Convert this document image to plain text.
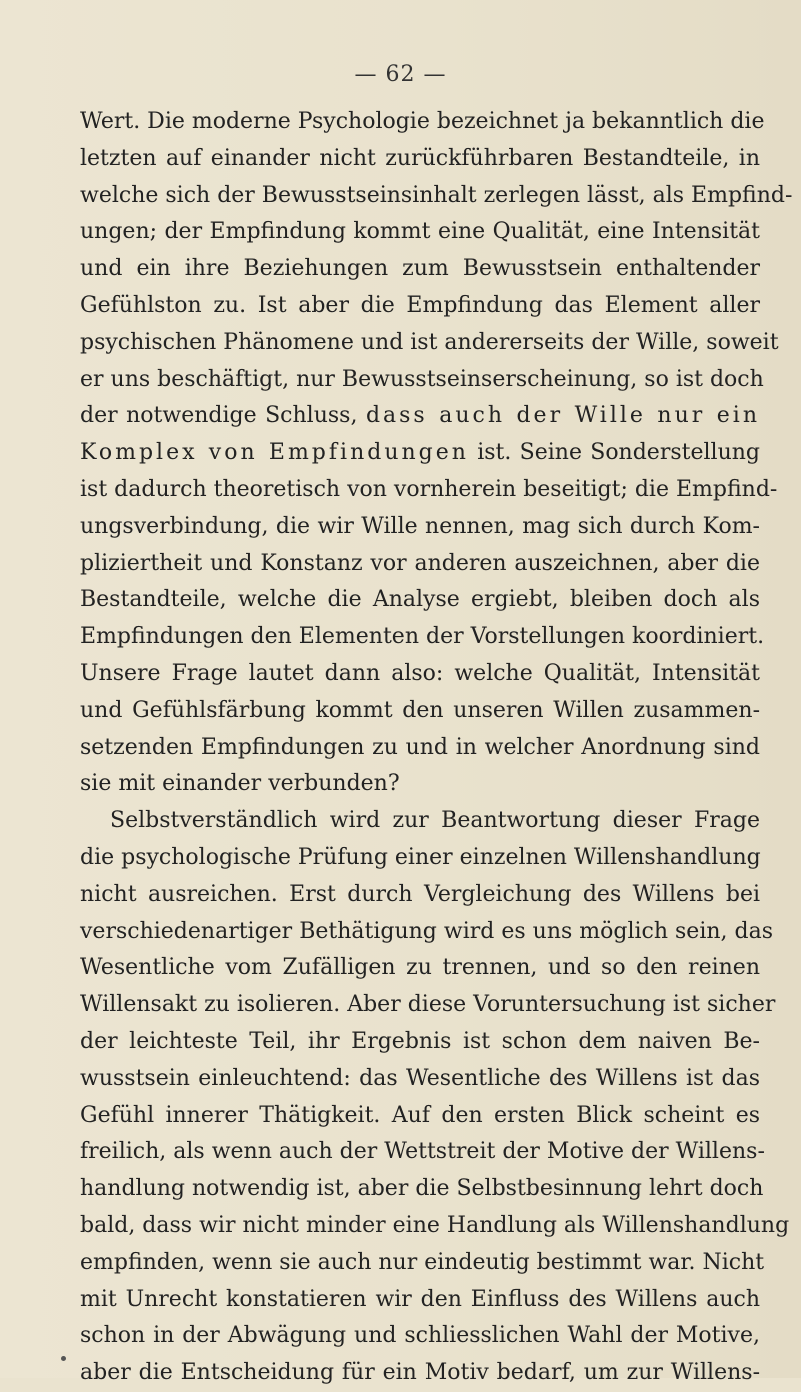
— 62 —
Wert. Die moderne Psychologie bezeichnet ja bekanntlich die
letzten auf einander nicht zurückführbaren Bestandteile, in
welche sich der Bewusstseinsinhalt zerlegen lässt, als Empfind-
ungen; der Empfindung kommt eine Qualität, eine Intensität
und ein ihre Beziehungen zum Bewusstsein enthaltender
Gefühlston zu. Ist aber die Empfindung das Element aller
psychischen Phänomene und ist andererseits der Wille, soweit
er uns beschäftigt, nur Bewusstseinserscheinung, so ist doch
der notwendige Schluss, dass auch der Wille nur ein
Komplex von Empfindungen ist. Seine Sonderstellung
ist dadurch theoretisch von vornherein beseitigt; die Empfind-
ungsverbindung, die wir Wille nennen, mag sich durch Kom-
pliziertheit und Konstanz vor anderen auszeichnen, aber die
Bestandteile, welche die Analyse ergiebt, bleiben doch als
Empfindungen den Elementen der Vorstellungen koordiniert.
Unsere Frage lautet dann also: welche Qualität, Intensität
und Gefühlsfärbung kommt den unseren Willen zusammen-
setzenden Empfindungen zu und in welcher Anordnung sind
sie mit einander verbunden?
Selbstverständlich wird zur Beantwortung dieser Frage
die psychologische Prüfung einer einzelnen Willenshandlung
nicht ausreichen. Erst durch Vergleichung des Willens bei
verschiedenartiger Bethätigung wird es uns möglich sein, das
Wesentliche vom Zufälligen zu trennen, und so den reinen
Willensakt zu isolieren. Aber diese Voruntersuchung ist sicher
der leichteste Teil, ihr Ergebnis ist schon dem naiven Be-
wusstsein einleuchtend: das Wesentliche des Willens ist das
Gefühl innerer Thätigkeit. Auf den ersten Blick scheint es
freilich, als wenn auch der Wettstreit der Motive der Willens-
handlung notwendig ist, aber die Selbstbesinnung lehrt doch
bald, dass wir nicht minder eine Handlung als Willenshandlung
empfinden, wenn sie auch nur eindeutig bestimmt war. Nicht
mit Unrecht konstatieren wir den Einfluss des Willens auch
schon in der Abwägung und schliesslichen Wahl der Motive,
aber die Entscheidung für ein Motiv bedarf, um zur Willens-
